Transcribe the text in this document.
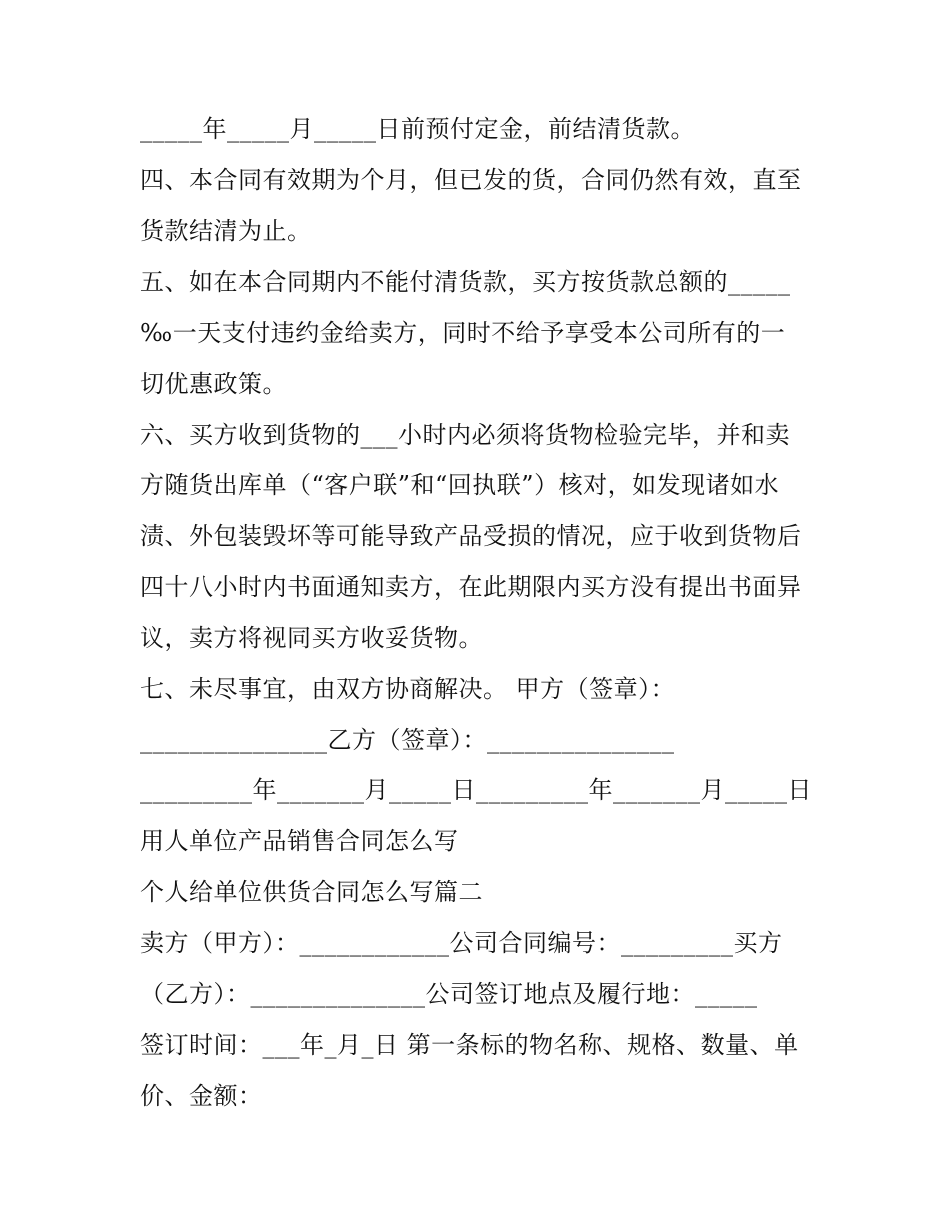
_____年_____月_____日前预付定金，前结清货款。
四、本合同有效期为个月，但已发的货，合同仍然有效，直至
货款结清为止。
五、如在本合同期内不能付清货款，买方按货款总额的_____
‰一天支付违约金给卖方，同时不给予享受本公司所有的一
切优惠政策。
六、买方收到货物的___小时内必须将货物检验完毕，并和卖
方随货出库单（“客户联”和“回执联”）核对，如发现诸如水
渍、外包装毁坏等可能导致产品受损的情况，应于收到货物后
四十八小时内书面通知卖方，在此期限内买方没有提出书面异
议，卖方将视同买方收妥货物。
七、未尽事宜，由双方协商解决。 甲方（签章）：
_______________乙方（签章）：_______________
_________年_______月_____日_________年_______月_____日
用人单位产品销售合同怎么写
个人给单位供货合同怎么写篇二
卖方（甲方）：____________公司合同编号：_________买方
（乙方）：______________公司签订地点及履行地：_____
签订时间：___年_月_日 第一条标的物名称、规格、数量、单
价、金额：
